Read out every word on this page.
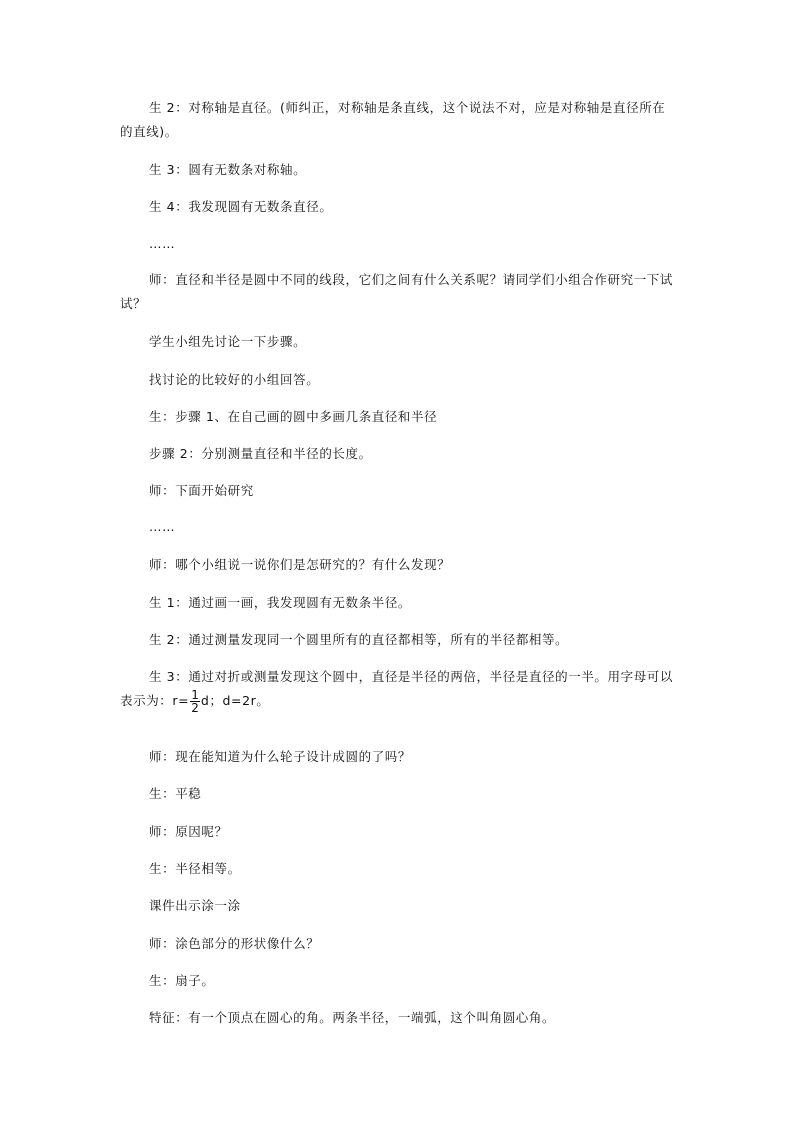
生 2：对称轴是直径。(师纠正，对称轴是条直线，这个说法不对，应是对称轴是直径所在的直线)。

生 3：圆有无数条对称轴。

生 4：我发现圆有无数条直径。

……

师：直径和半径是圆中不同的线段，它们之间有什么关系呢？请同学们小组合作研究一下试试？

学生小组先讨论一下步骤。

找讨论的比较好的小组回答。

生：步骤 1、在自己画的圆中多画几条直径和半径

步骤 2：分别测量直径和半径的长度。

师：下面开始研究

……

师：哪个小组说一说你们是怎研究的？有什么发现？

生 1：通过画一画，我发现圆有无数条半径。

生 2：通过测量发现同一个圆里所有的直径都相等，所有的半径都相等。

生 3：通过对折或测量发现这个圆中，直径是半径的两倍，半径是直径的一半。用字母可以表示为：$r= \frac{1}{2}$ d；d=2r。

师：现在能知道为什么轮子设计成圆的了吗？

生：平稳

师：原因呢？

生：半径相等。

课件出示涂一涂

师：涂色部分的形状像什么？

生：扇子。

特征：有一个顶点在圆心的角。两条半径，一端弧，这个叫角圆心角。
